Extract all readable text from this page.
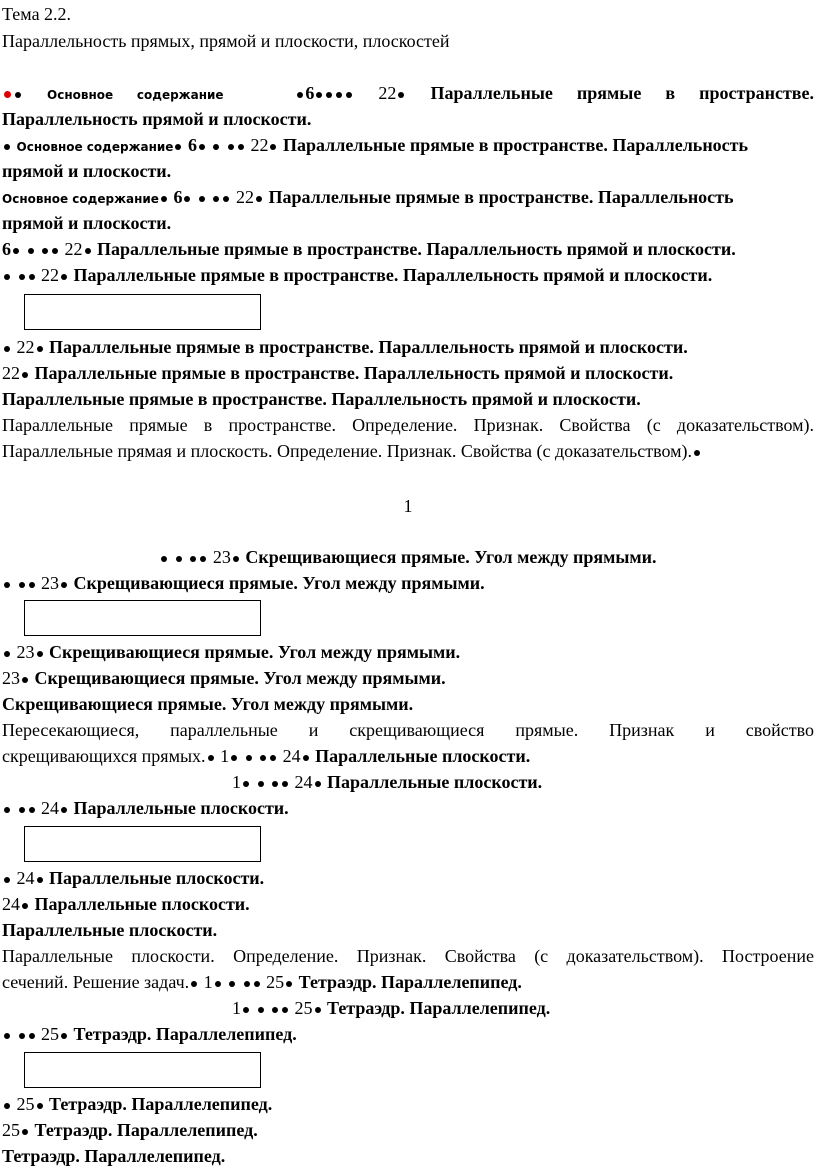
Тема 2.2.
Параллельность прямых, прямой и плоскости, плоскостей
Основное содержание	6	22 Параллельные прямые в пространстве.
Параллельность прямой и плоскости.
Основное содержание 6	22 Параллельные прямые в пространстве. Параллельность
прямой и плоскости.
Основное содержание 6	22 Параллельные прямые в пространстве. Параллельность
прямой и плоскости.
6	22 Параллельные прямые в пространстве. Параллельность прямой и плоскости.
22 Параллельные прямые в пространстве. Параллельность прямой и плоскости.
22 Параллельные прямые в пространстве. Параллельность прямой и плоскости.
22 Параллельные прямые в пространстве. Параллельность прямой и плоскости.
Параллельные прямые в пространстве. Параллельность прямой и плоскости.
Параллельные прямые в пространстве. Определение. Признак. Свойства (с доказательством).
Параллельные прямая и плоскость. Определение. Признак. Свойства (с доказательством).
1
23 Скрещивающиеся прямые. Угол между прямыми.
23 Скрещивающиеся прямые. Угол между прямыми.
23 Скрещивающиеся прямые. Угол между прямыми.
23 Скрещивающиеся прямые. Угол между прямыми.
Скрещивающиеся прямые. Угол между прямыми.
Пересекающиеся, параллельные и скрещивающиеся прямые. Признак и свойство
скрещивающихся прямых. 1	24 Параллельные плоскости.
1	24 Параллельные плоскости.
24 Параллельные плоскости.
24 Параллельные плоскости.
24 Параллельные плоскости.
Параллельные плоскости.
Параллельные плоскости. Определение. Признак. Свойства (с доказательством). Построение
сечений. Решение задач. 1	25 Тетраэдр. Параллелепипед.
1	25 Тетраэдр. Параллелепипед.
25 Тетраэдр. Параллелепипед.
25 Тетраэдр. Параллелепипед.
25 Тетраэдр. Параллелепипед.
Тетраэдр. Параллелепипед.
